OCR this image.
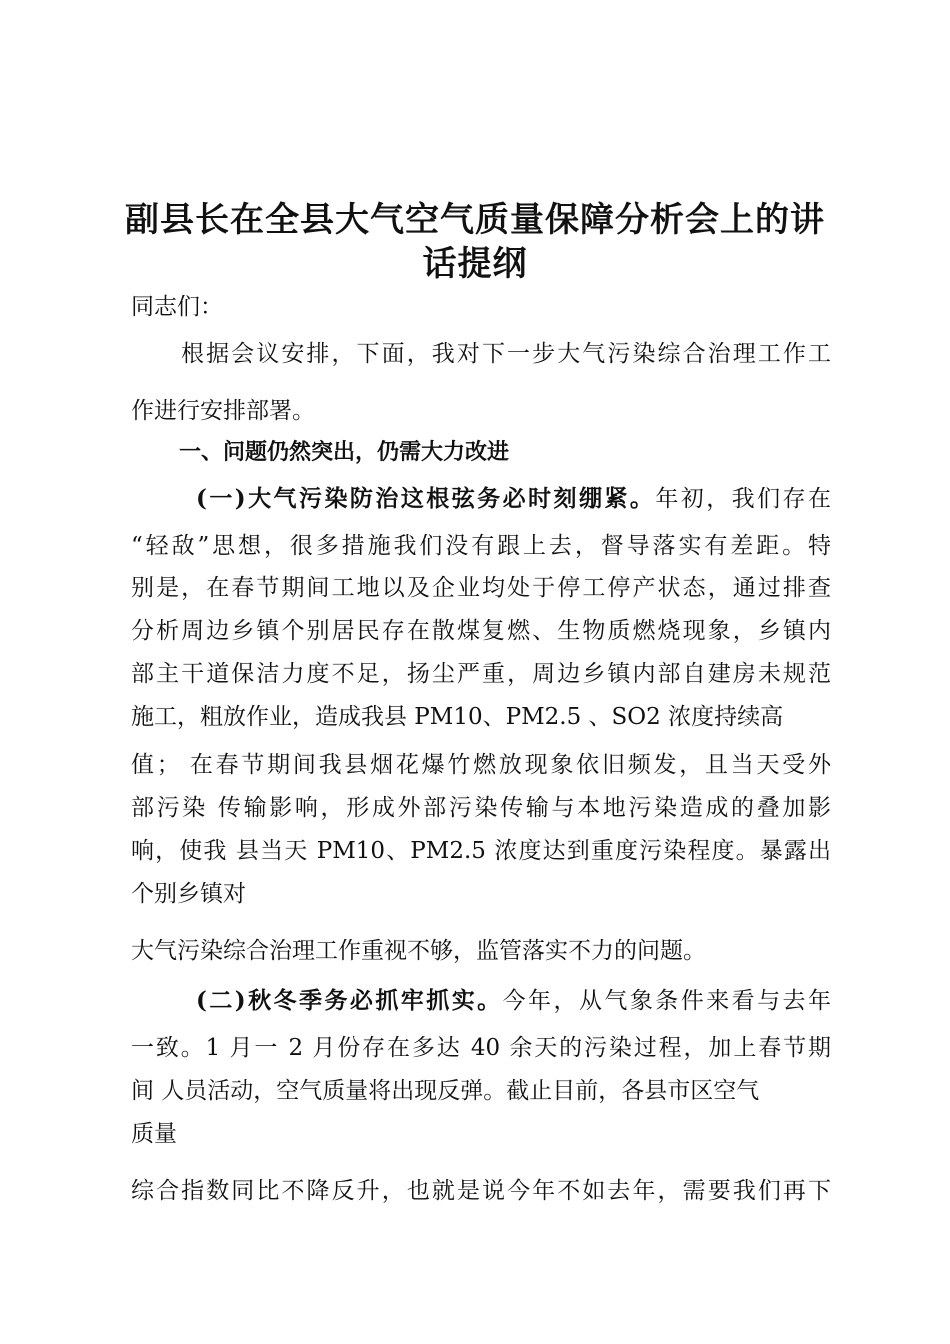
副县长在全县大气空气质量保障分析会上的讲
话提纲
同志们：
根据会议安排，下面，我对下一步大气污染综合治理工作工
作进行安排部署。
一、问题仍然突出，仍需大力改进
(一)大气污染防治这根弦务必时刻绷紧。年初，我们存在
“轻敌”思想，很多措施我们没有跟上去，督导落实有差距。特
别是，在春节期间工地以及企业均处于停工停产状态，通过排查
分析周边乡镇个别居民存在散煤复燃、生物质燃烧现象，乡镇内
部主干道保洁力度不足，扬尘严重，周边乡镇内部自建房未规范
施工，粗放作业，造成我县 PM10、PM2.5 、SO2 浓度持续高
值； 在春节期间我县烟花爆竹燃放现象依旧频发，且当天受外
部污染 传输影响，形成外部污染传输与本地污染造成的叠加影
响，使我 县当天 PM10、PM2.5 浓度达到重度污染程度。暴露出
个别乡镇对
大气污染综合治理工作重视不够，监管落实不力的问题。
(二)秋冬季务必抓牢抓实。今年，从气象条件来看与去年
一致。1 月一 2 月份存在多达 40 余天的污染过程，加上春节期
间 人员活动，空气质量将出现反弹。截止目前，各县市区空气
质量
综合指数同比不降反升，也就是说今年不如去年，需要我们再下
